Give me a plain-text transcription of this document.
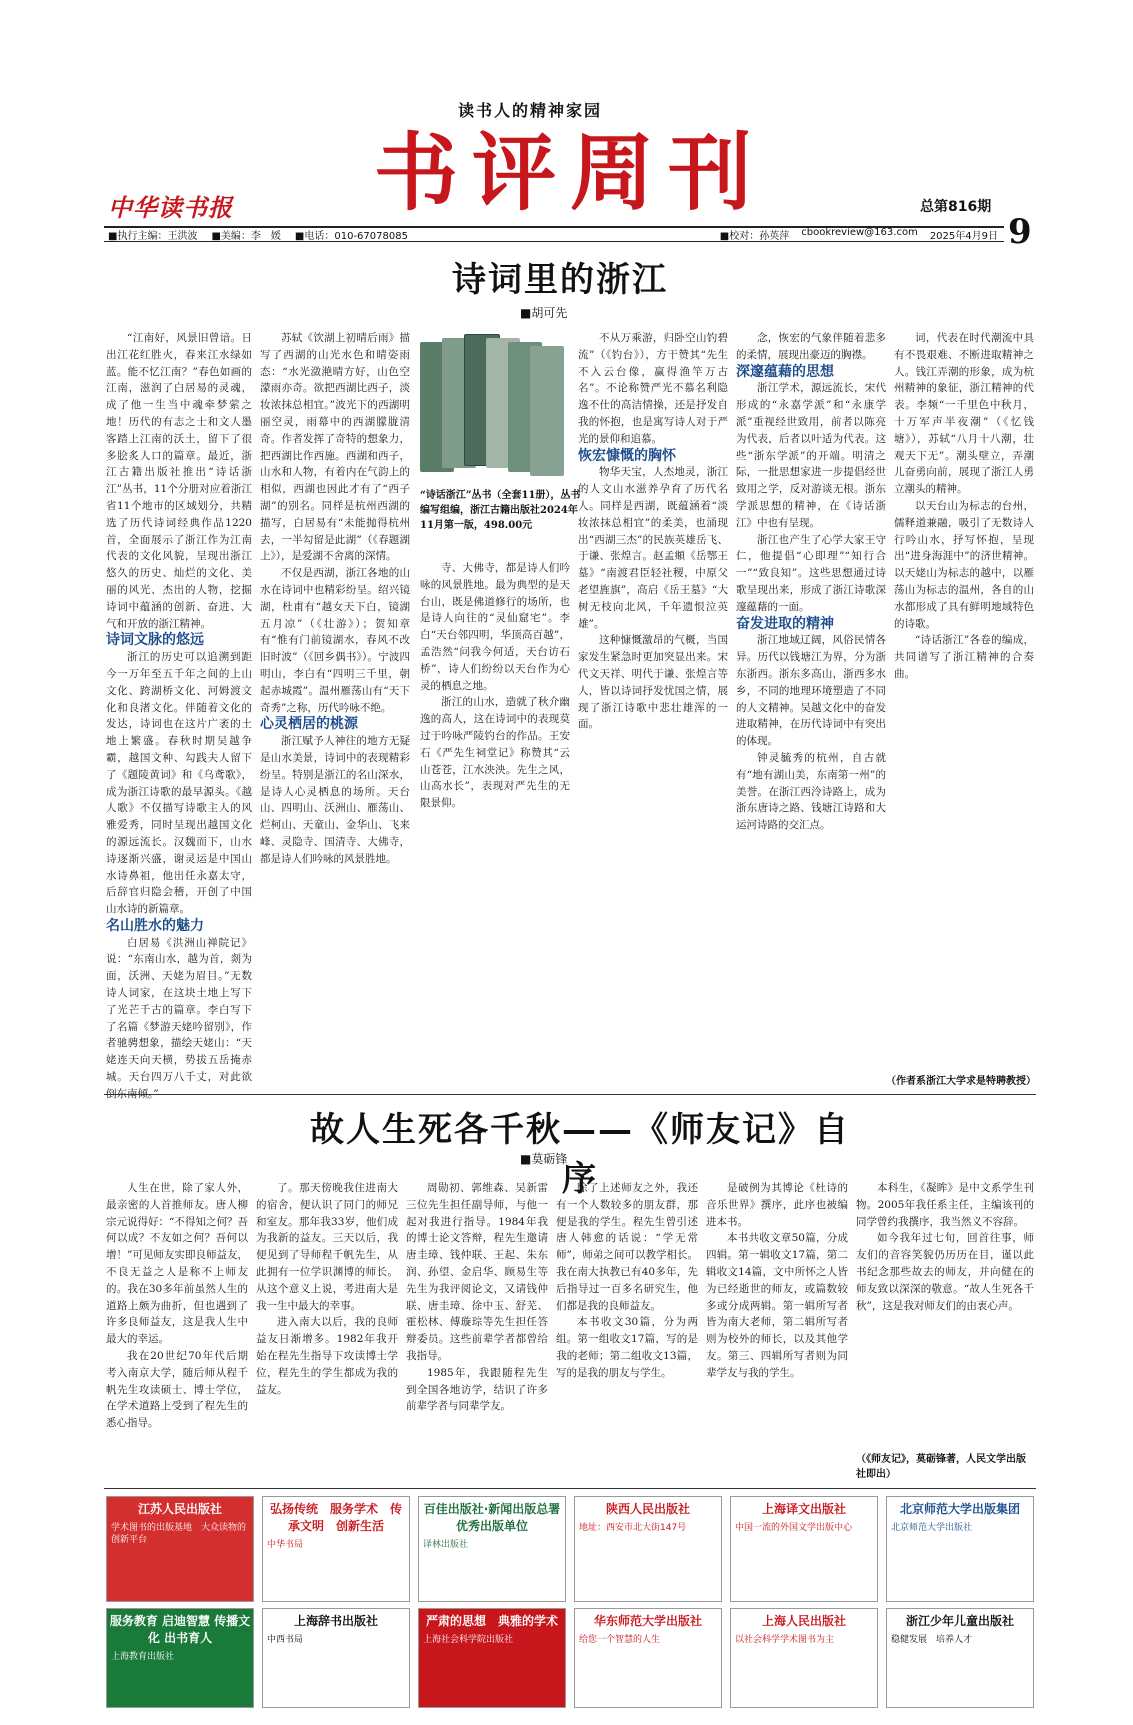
读书人的精神家园
书评周刊
中华读书报	总第816期
9
■执行主编：王洪波 ■美编：李　媛 ■电话：010-67078085	■校对：孙英萍 cbookreview@163.com 2025年4月9日
诗词里的浙江
■胡可先

“江南好，风景旧曾谙。日出江花红胜火，春来江水绿如蓝。能不忆江南？”春色如画的江南，滋润了白居易的灵魂，成了他一生当中魂牵梦萦之地！历代的有志之士和文人墨客踏上江南的沃土，留下了很多脍炙人口的篇章。最近，浙江古籍出版社推出“诗话浙江”丛书，11个分册对应着浙江省11个地市的区域划分，共精选了历代诗词经典作品1220首，全面展示了浙江作为江南代表的文化风貌，呈现出浙江悠久的历史、灿烂的文化、美丽的风光、杰出的人物，挖掘诗词中蕴涵的创新、奋进、大气和开放的浙江精神。

诗词文脉的悠远

浙江的历史可以追溯到距今一万年至五千年之间的上山文化、跨湖桥文化、河姆渡文化和良渚文化。伴随着文化的发达，诗词也在这片广袤的土地上繁盛。春秋时期吴越争霸，越国文种、勾践夫人留下了《题陵黄词》和《乌鸢歌》，成为浙江诗歌的最早源头。《越人歌》不仅描写诗歌主人的风雅爱秀，同时呈现出越国文化的源远流长。汉魏而下，山水诗逐渐兴盛，谢灵运是中国山水诗鼻祖，他出任永嘉太守，后辞官归隐会稽，开创了中国山水诗的新篇章。

名山胜水的魅力

白居易《洪洲山禅院记》说：“东南山水，越为首，剡为面，沃洲、天姥为眉目。”无数诗人词家，在这块土地上写下了光芒千古的篇章。李白写下了名篇《梦游天姥吟留别》，作者驰骋想象，描绘天姥山：“天姥连天向天横，势拔五岳掩赤城。天台四万八千丈，对此欲倒东南倾。”

苏轼《饮湖上初晴后雨》描写了西湖的山光水色和晴姿雨态：“水光潋滟晴方好，山色空濛雨亦奇。欲把西湖比西子，淡妆浓抹总相宜。”波光下的西湖明丽空灵，雨幕中的西湖朦胧清奇。作者发挥了奇特的想象力，把西湖比作西施。西湖和西子，山水和人物，有着内在气韵上的相似，西湖也因此才有了“西子湖”的别名。同样是杭州西湖的描写，白居易有“未能抛得杭州去，一半勾留是此湖”（《春题湖上》），是爱湖不舍离的深情。

不仅是西湖，浙江各地的山水在诗词中也精彩纷呈。绍兴镜湖，杜甫有“越女天下白，镜湖五月凉”（《壮游》）；贺知章有“惟有门前镜湖水，春风不改旧时波”（《回乡偶书》）。宁波四明山，李白有“四明三千里，朝起赤城霞”。温州雁荡山有“天下奇秀”之称，历代吟咏不绝。

心灵栖居的桃源

浙江赋予人神往的地方无疑是山水美景，诗词中的表现精彩纷呈。特别是浙江的名山深水，是诗人心灵栖息的场所。天台山、四明山、沃洲山、雁荡山、烂柯山、天童山、金华山、飞来峰、灵隐寺、国清寺、大佛寺，都是诗人们吟咏的风景胜地。

“诗话浙江”丛书（全套11册），丛书编写组编，浙江古籍出版社2024年11月第一版，498.00元

寺、大佛寺，都是诗人们吟咏的风景胜地。最为典型的是天台山，既是佛道修行的场所，也是诗人向往的“灵仙窟宅”。李白“天台邻四明，华顶高百越”，孟浩然“问我今何适，天台访石桥”，诗人们纷纷以天台作为心灵的栖息之地。

浙江的山水，造就了秋介幽逸的高人，这在诗词中的表现莫过于吟咏严陵钓台的作品。王安石《严先生祠堂记》称赞其“云山苍苍，江水泱泱。先生之风，山高水长”，表现对严先生的无限景仰。

不从万乘游，归卧空山钓碧流”（《钓台》），方干赞其“先生不入云台像，赢得渔竿万古名”。不论称赞严光不慕名利隐逸不仕的高洁情操，还是抒发自我的怀抱，也是寓写诗人对于严光的景仰和追慕。

恢宏慷慨的胸怀

物华天宝，人杰地灵，浙江的人文山水滋养孕育了历代名人。同样是西湖，既蕴涵着“淡妆浓抹总相宜”的柔美，也涌现出“西湖三杰”的民族英雄岳飞、于谦、张煌言。赵孟頫《岳鄂王墓》“南渡君臣轻社稷，中原父老望旌旗”，高启《岳王墓》“大树无枝向北风，千年遗恨泣英雄”。

这种慷慨激昂的气概，当国家发生紧急时更加突显出来。宋代文天祥、明代于谦、张煌言等人，皆以诗词抒发忧国之情，展现了浙江诗歌中悲壮雄浑的一面。

念，恢宏的气象伴随着悲多的柔情，展现出豪迈的胸襟。

深邃蕴藉的思想

浙江学术，源远流长，宋代形成的“永嘉学派”和“永康学派”重视经世致用，前者以陈亮为代表，后者以叶适为代表。这些“浙东学派”的开端。明清之际，一批思想家进一步提倡经世致用之学，反对游谈无根。浙东学派思想的精神，在《诗话浙江》中也有呈现。

浙江也产生了心学大家王守仁，他提倡“心即理”“知行合一”“致良知”。这些思想通过诗歌呈现出来，形成了浙江诗歌深邃蕴藉的一面。

奋发进取的精神

浙江地域辽阔，风俗民情各异。历代以钱塘江为界，分为浙东浙西。浙东多高山，浙西多水乡，不同的地理环境塑造了不同的人文精神。吴越文化中的奋发进取精神，在历代诗词中有突出的体现。

钟灵毓秀的杭州，自古就有“地有湖山美，东南第一州”的美誉。在浙江西泠诗路上，成为浙东唐诗之路、钱塘江诗路和大运河诗路的交汇点。

词，代表在时代潮流中具有不畏艰难、不断进取精神之人。钱江弄潮的形象，成为杭州精神的象征，浙江精神的代表。李频“一千里色中秋月，十万军声半夜潮”（《忆钱塘》），苏轼“八月十八潮，壮观天下无”。潮头壁立，弄潮儿奋勇向前，展现了浙江人勇立潮头的精神。

以天台山为标志的台州，儒释道兼融，吸引了无数诗人行吟山水，抒写怀抱，呈现出“进身海涯中”的济世精神。以天姥山为标志的越中，以雁荡山为标志的温州，各自的山水都形成了具有鲜明地域特色的诗歌。

“诗话浙江”各卷的编成，共同谱写了浙江精神的合奏曲。

（作者系浙江大学求是特聘教授）
故人生死各千秋——《师友记》自序
■莫砺锋

人生在世，除了家人外，最亲密的人首推师友。唐人柳宗元说得好：“不得知之何？吾何以成？不友如之何？吾何以增！”可见师友实即良师益友，不良无益之人是称不上师友的。我在30多年前虽然人生的道路上颇为曲折，但也遇到了许多良师益友，这是我人生中最大的幸运。

我在20世纪70年代后期考入南京大学，随后师从程千帆先生攻读硕士、博士学位，在学术道路上受到了程先生的悉心指导。

了。那天傍晚我住进南大的宿舍，便认识了同门的师兄和室友。那年我33岁，他们成为我新的益友。三天以后，我便见到了导师程千帆先生，从此拥有一位学识渊博的师长。从这个意义上说，考进南大是我一生中最大的幸事。

进入南大以后，我的良师益友日渐增多。1982年我开始在程先生指导下攻读博士学位，程先生的学生都成为我的益友。

周勋初、郭维森、吴新雷三位先生担任副导师，与他一起对我进行指导。1984年我的博士论文答辩，程先生邀请唐圭璋、钱仲联、王起、朱东润、孙望、金启华、顾易生等先生为我评阅论文，又请钱仲联、唐圭璋、徐中玉、舒芜、霍松林、傅璇琮等先生担任答辩委员。这些前辈学者都曾给我指导。

1985年，我跟随程先生到全国各地访学，结识了许多前辈学者与同辈学友。

除了上述师友之外，我还有一个人数较多的朋友群，那便是我的学生。程先生曾引述唐人韩愈的话说：“学无常师”，师弟之间可以教学相长。我在南大执教已有40多年，先后指导过一百多名研究生，他们都是我的良师益友。

本书收文30篇，分为两组。第一组收文17篇，写的是我的老师；第二组收文13篇，写的是我的朋友与学生。

是破例为其博论《杜诗的音乐世界》撰序，此序也被编进本书。

本书共收文章50篇，分成四辑。第一辑收文17篇，第二辑收文14篇，文中所怀之人皆为已经逝世的师友，或篇数较多或分成两辑。第一辑所写者皆为南大老师，第二辑所写者则为校外的师长，以及其他学友。第三、四辑所写者则为同辈学友与我的学生。

本科生，《凝眸》是中文系学生刊物。2005年我任系主任，主编该刊的同学曾约我撰序，我当然义不容辞。

如今我年过七旬，回首往事，师友们的音容笑貌仍历历在目，谨以此书纪念那些故去的师友，并向健在的师友致以深深的敬意。“故人生死各千秋”，这是我对师友们的由衷心声。

（《师友记》，莫砺锋著，人民文学出版社即出）
江苏人民出版社
学术图书的出版基地　大众读物的创新平台
弘扬传统　服务学术　传承文明　创新生活
中华书局
百佳出版社·新闻出版总署优秀出版单位
译林出版社
陕西人民出版社
地址：西安市北大街147号
上海译文出版社
中国一流的外国文学出版中心
北京师范大学出版集团
北京师范大学出版社
服务教育 启迪智慧 传播文化 出书育人
上海教育出版社
上海辞书出版社
中西书局
严肃的思想　典雅的学术
上海社会科学院出版社
华东师范大学出版社
给您一个智慧的人生
上海人民出版社
以社会科学学术图书为主
浙江少年儿童出版社
稳健发展　培养人才
